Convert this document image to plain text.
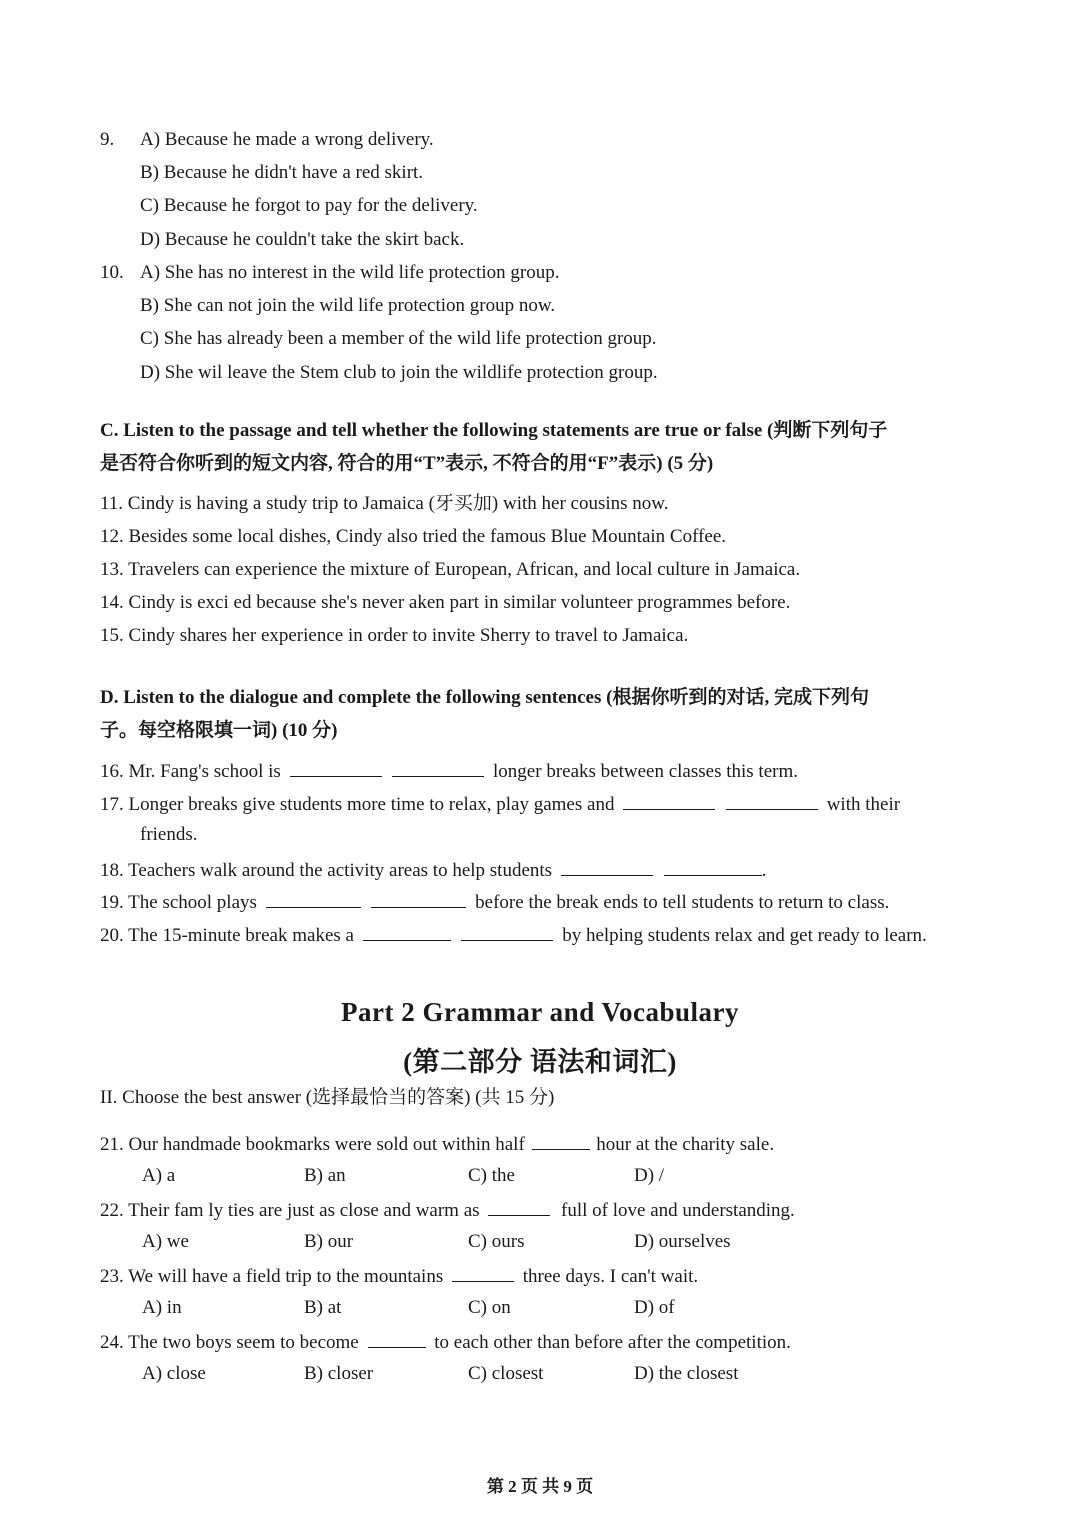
9. A) Because he made a wrong delivery.
B) Because he didn't have a red skirt.
C) Because he forgot to pay for the delivery.
D) Because he couldn't take the skirt back.
10. A) She has no interest in the wild life protection group.
B) She can not join the wild life protection group now.
C) She has already been a member of the wild life protection group.
D) She wil leave the Stem club to join the wildlife protection group.
C. Listen to the passage and tell whether the following statements are true or false (判断下列句子
是否符合你听到的短文内容, 符合的用“T”表示, 不符合的用“F”表示) (5 分)
11. Cindy is having a study trip to Jamaica (牙买加) with her cousins now.
12. Besides some local dishes, Cindy also tried the famous Blue Mountain Coffee.
13. Travelers can experience the mixture of European, African, and local culture in Jamaica.
14. Cindy is exci ed because she's never aken part in similar volunteer programmes before.
15. Cindy shares her experience in order to invite Sherry to travel to Jamaica.
D. Listen to the dialogue and complete the following sentences (根据你听到的对话, 完成下列句
子。每空格限填一词) (10 分)
16. Mr. Fang's school is	longer breaks between classes this term.
17. Longer breaks give students more time to relax, play games and	with their
friends.
18. Teachers walk around the activity areas to help students	.
19. The school plays	before the break ends to tell students to return to class.
20. The 15-minute break makes a	by helping students relax and get ready to learn.
Part 2 Grammar and Vocabulary
(第二部分 语法和词汇)
II. Choose the best answer (选择最恰当的答案) (共 15 分)
21. Our handmade bookmarks were sold out within half	hour at the charity sale.
A) a	B) an	C) the	D) /
22. Their fam ly ties are just as close and warm as	full of love and understanding.
A) we	B) our	C) ours	D) ourselves
23. We will have a field trip to the mountains	three days. I can't wait.
A) in	B) at	C) on	D) of
24. The two boys seem to become	to each other than before after the competition.
A) close	B) closer	C) closest	D) the closest
第 2 页 共 9 页
